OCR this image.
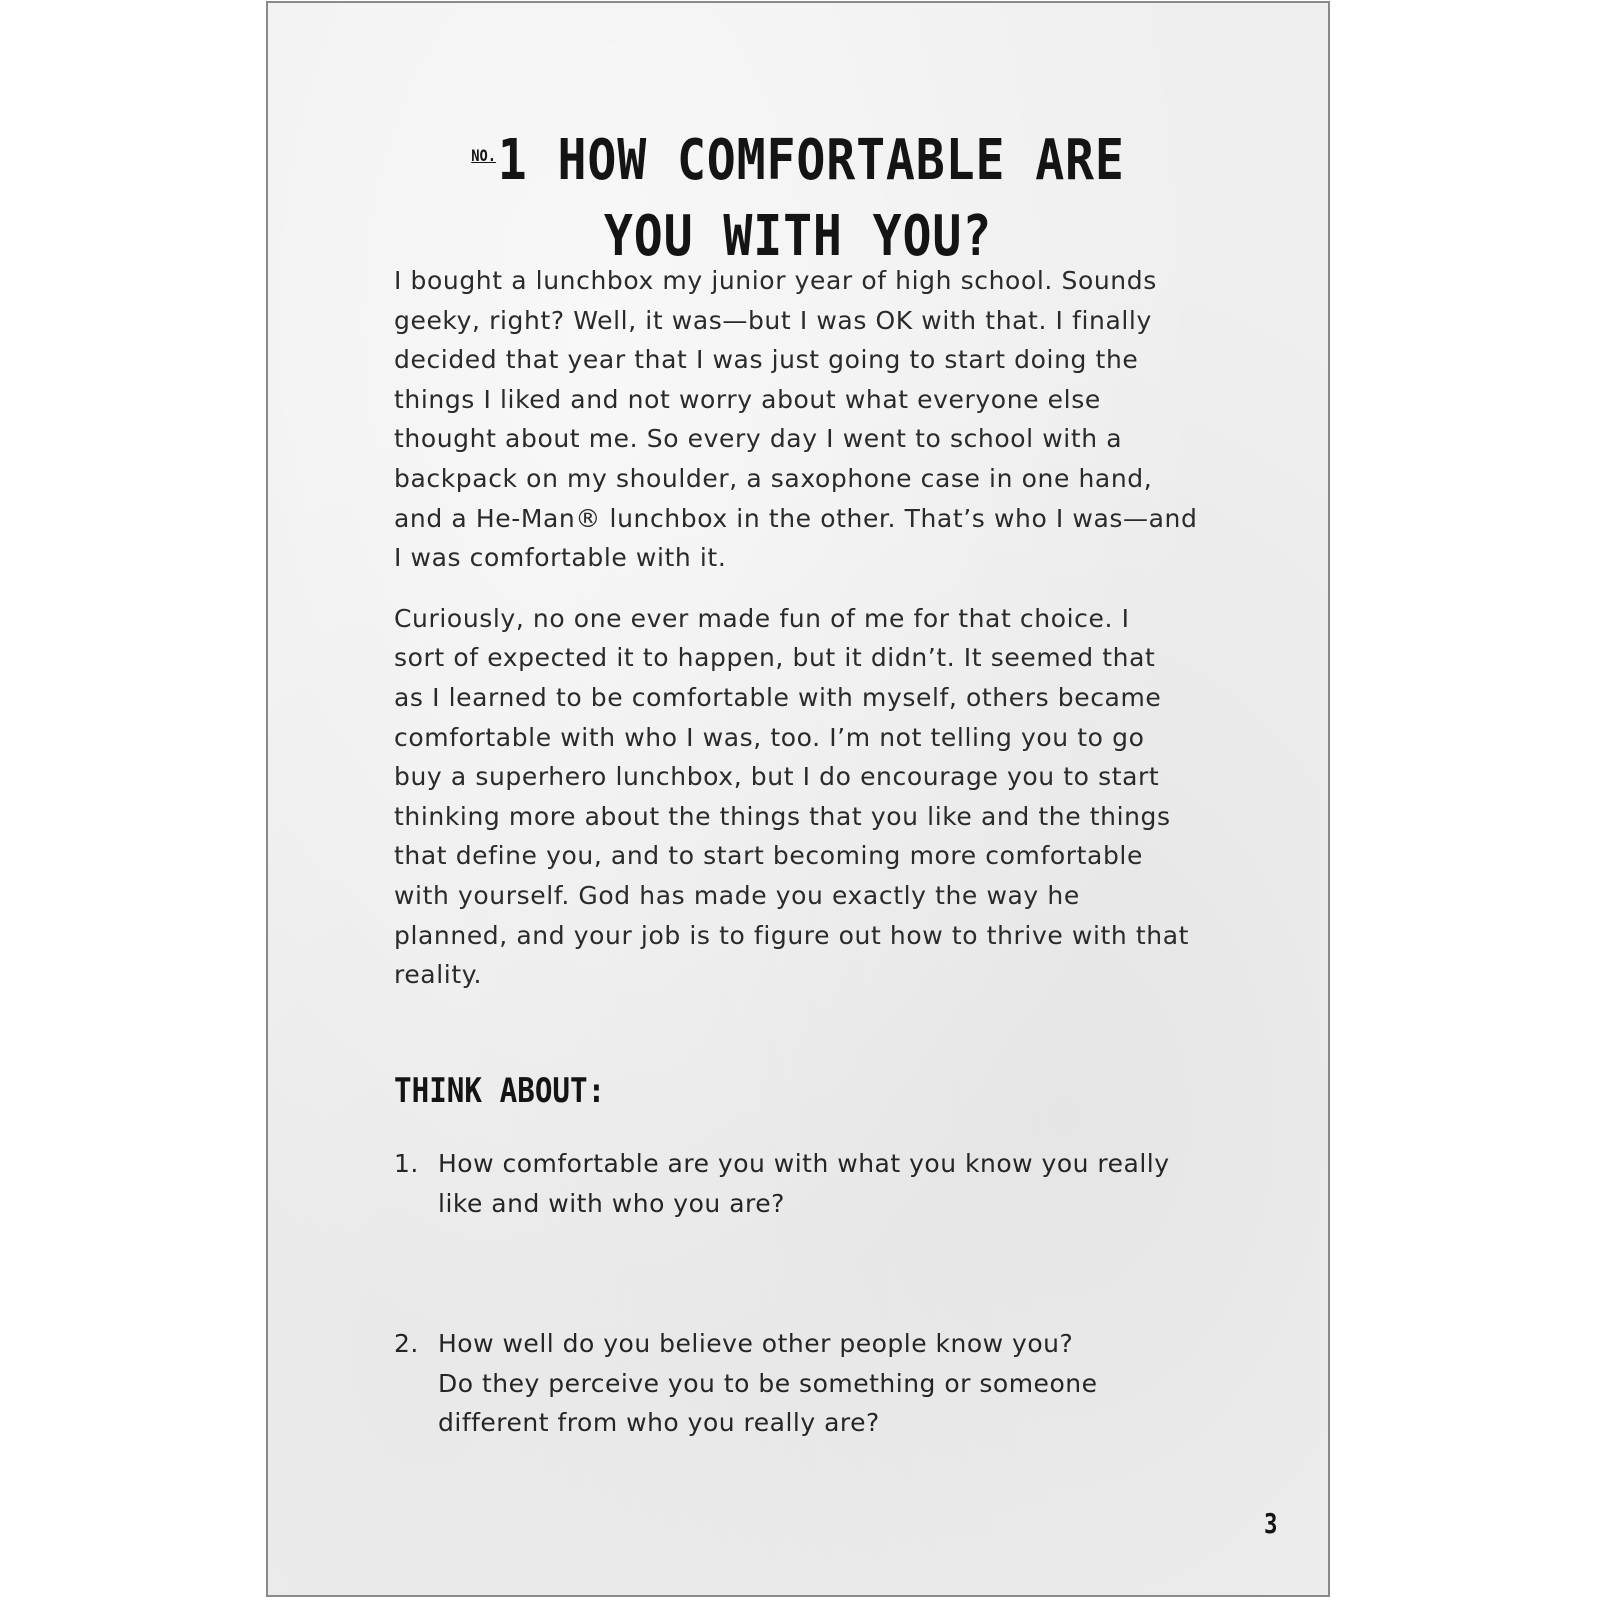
NO.1 HOW COMFORTABLE ARE
YOU WITH YOU?

I bought a lunchbox my junior year of high school. Sounds
geeky, right? Well, it was—but I was OK with that. I finally
decided that year that I was just going to start doing the
things I liked and not worry about what everyone else
thought about me. So every day I went to school with a
backpack on my shoulder, a saxophone case in one hand,
and a He-Man® lunchbox in the other. That’s who I was—and
I was comfortable with it.

Curiously, no one ever made fun of me for that choice. I
sort of expected it to happen, but it didn’t. It seemed that
as I learned to be comfortable with myself, others became
comfortable with who I was, too. I’m not telling you to go
buy a superhero lunchbox, but I do encourage you to start
thinking more about the things that you like and the things
that define you, and to start becoming more comfortable
with yourself. God has made you exactly the way he
planned, and your job is to figure out how to thrive with that
reality.

THINK ABOUT:
1. How comfortable are you with what you know you really
like and with who you are?
2. How well do you believe other people know you?
Do they perceive you to be something or someone
different from who you really are?
3
